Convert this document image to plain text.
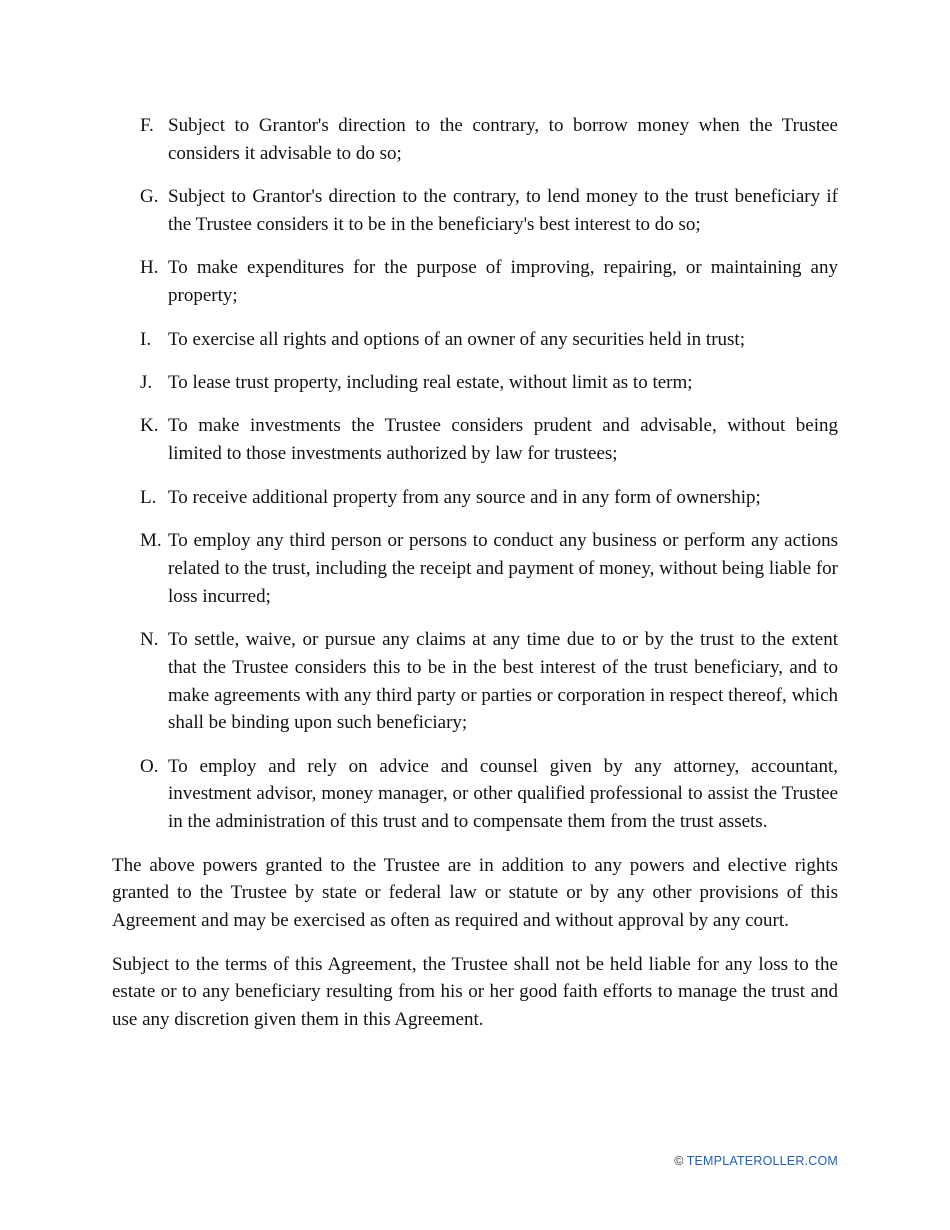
F. Subject to Grantor's direction to the contrary, to borrow money when the Trustee considers it advisable to do so;
G. Subject to Grantor's direction to the contrary, to lend money to the trust beneficiary if the Trustee considers it to be in the beneficiary's best interest to do so;
H. To make expenditures for the purpose of improving, repairing, or maintaining any property;
I. To exercise all rights and options of an owner of any securities held in trust;
J. To lease trust property, including real estate, without limit as to term;
K. To make investments the Trustee considers prudent and advisable, without being limited to those investments authorized by law for trustees;
L. To receive additional property from any source and in any form of ownership;
M. To employ any third person or persons to conduct any business or perform any actions related to the trust, including the receipt and payment of money, without being liable for loss incurred;
N. To settle, waive, or pursue any claims at any time due to or by the trust to the extent that the Trustee considers this to be in the best interest of the trust beneficiary, and to make agreements with any third party or parties or corporation in respect thereof, which shall be binding upon such beneficiary;
O. To employ and rely on advice and counsel given by any attorney, accountant, investment advisor, money manager, or other qualified professional to assist the Trustee in the administration of this trust and to compensate them from the trust assets.

The above powers granted to the Trustee are in addition to any powers and elective rights granted to the Trustee by state or federal law or statute or by any other provisions of this Agreement and may be exercised as often as required and without approval by any court.

Subject to the terms of this Agreement, the Trustee shall not be held liable for any loss to the estate or to any beneficiary resulting from his or her good faith efforts to manage the trust and use any discretion given them in this Agreement.

© TEMPLATEROLLER.COM
